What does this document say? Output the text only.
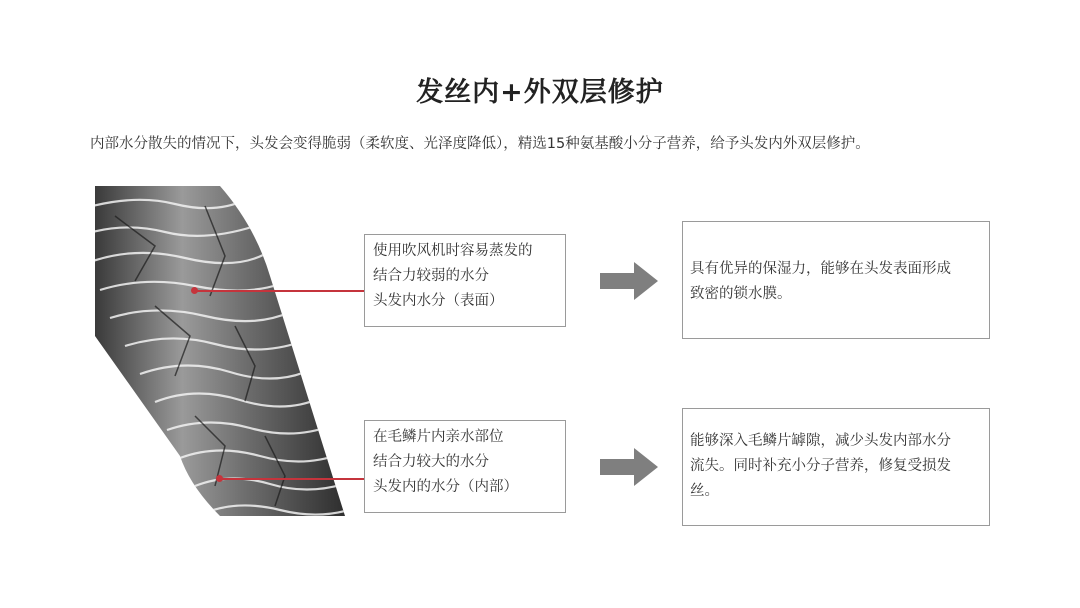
发丝内+外双层修护
内部水分散失的情况下，头发会变得脆弱（柔软度、光泽度降低），精选15种氨基酸小分子营养，给予头发内外双层修护。
使用吹风机时容易蒸发的
结合力较弱的水分
头发内水分（表面）
具有优异的保湿力，能够在头发表面形成
致密的锁水膜。
在毛鳞片内亲水部位
结合力较大的水分
头发内的水分（内部）
能够深入毛鳞片罅隙，减少头发内部水分
流失。同时补充小分子营养，修复受损发
丝。
